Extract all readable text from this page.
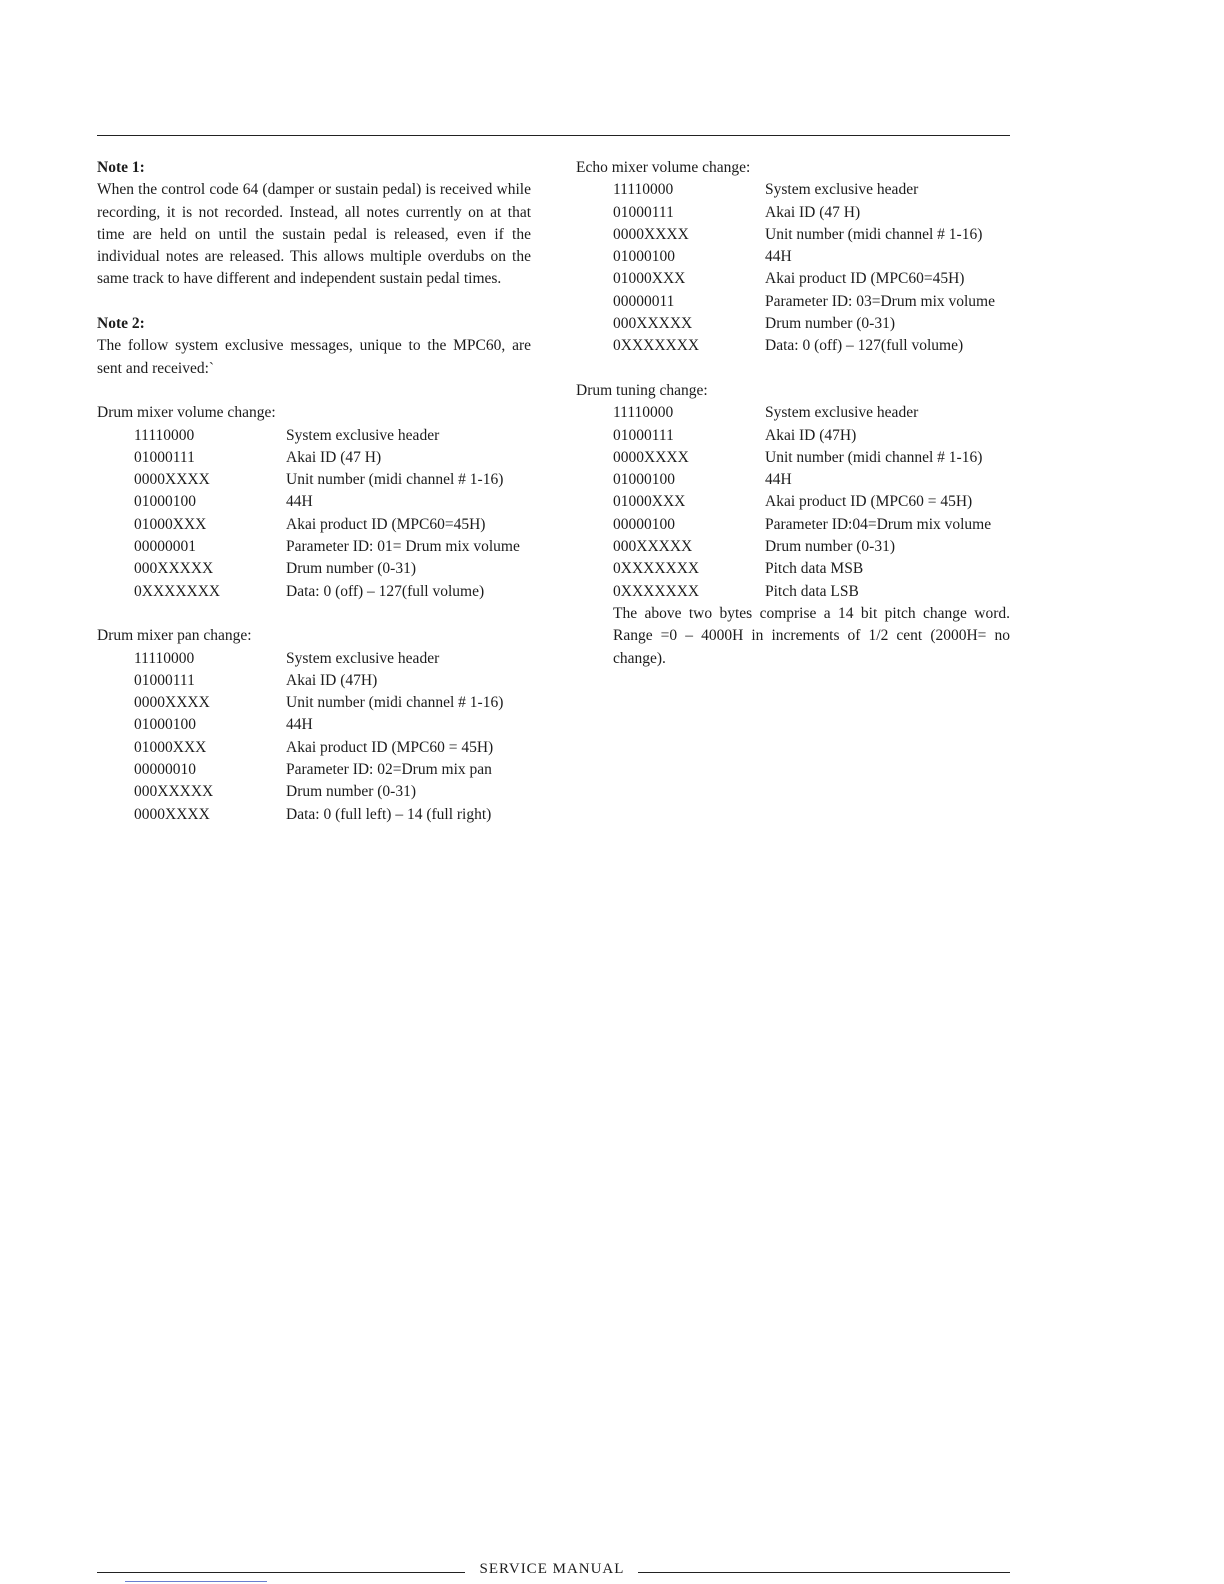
Note 1:
When the control code 64 (damper or sustain pedal) is received while recording, it is not recorded. Instead, all notes currently on at that time are held on until the sustain pedal is released, even if the individual notes are released. This allows multiple overdubs on the same track to have different and independent sustain pedal times.
Note 2:
The follow system exclusive messages, unique to the MPC60, are sent and received:`
Drum mixer volume change:
11110000	System exclusive header
01000111	Akai ID (47 H)
0000XXXX	Unit number (midi channel # 1-16)
01000100	44H
01000XXX	Akai product ID (MPC60=45H)
00000001	Parameter ID: 01= Drum mix volume
000XXXXX	Drum number (0-31)
0XXXXXXX	Data: 0 (off) – 127(full volume)
Drum mixer pan change:
11110000	System exclusive header
01000111	Akai ID (47H)
0000XXXX	Unit number (midi channel # 1-16)
01000100	44H
01000XXX	Akai product ID (MPC60 = 45H)
00000010	Parameter ID: 02=Drum mix pan
000XXXXX	Drum number (0-31)
0000XXXX	Data: 0 (full left) – 14 (full right)
Echo mixer volume change:
11110000	System exclusive header
01000111	Akai ID (47 H)
0000XXXX	Unit number (midi channel # 1-16)
01000100	44H
01000XXX	Akai product ID (MPC60=45H)
00000011	Parameter ID: 03=Drum mix volume
000XXXXX	Drum number (0-31)
0XXXXXXX	Data: 0 (off) – 127(full volume)
Drum tuning change:
11110000	System exclusive header
01000111	Akai ID (47H)
0000XXXX	Unit number (midi channel # 1-16)
01000100	44H
01000XXX	Akai product ID (MPC60 = 45H)
00000100	Parameter ID:04=Drum mix volume
000XXXXX	Drum number (0-31)
0XXXXXXX	Pitch data MSB
0XXXXXXX	Pitch data LSB
The above two bytes comprise a 14 bit pitch change word. Range =0 – 4000H in increments of 1/2 cent (2000H= no change).
SERVICE MANUAL
